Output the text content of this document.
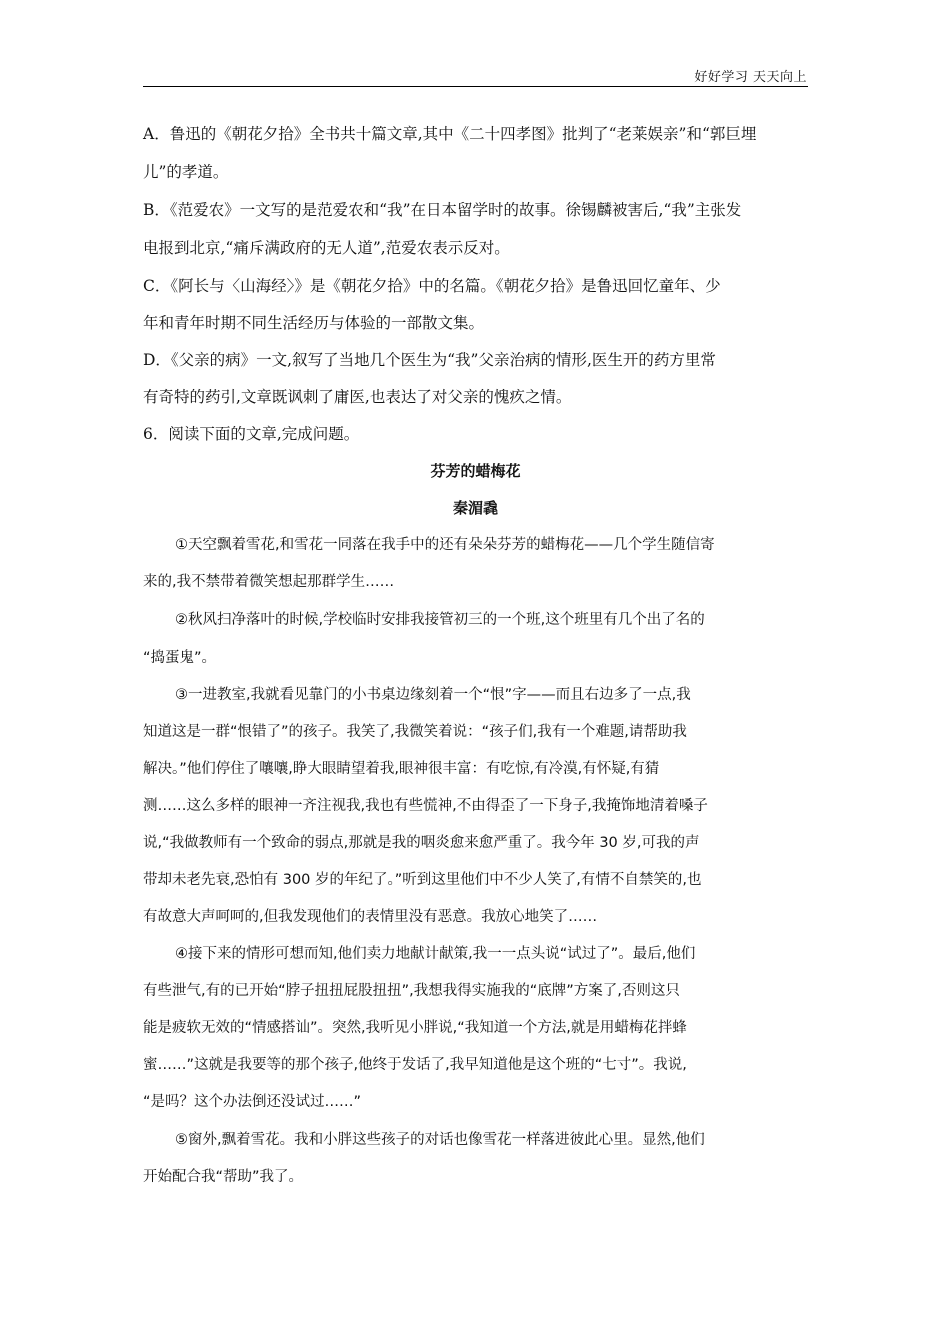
好好学习 天天向上
A．鲁迅的《朝花夕拾》全书共十篇文章,其中《二十四孝图》批判了“老莱娱亲”和“郭巨埋
儿”的孝道。
B．《范爱农》一文写的是范爱农和“我”在日本留学时的故事。徐锡麟被害后,“我”主张发
电报到北京,“痛斥满政府的无人道”,范爱农表示反对。
C．《阿长与〈山海经〉》是《朝花夕拾》中的名篇。《朝花夕拾》是鲁迅回忆童年、少
年和青年时期不同生活经历与体验的一部散文集。
D．《父亲的病》一文,叙写了当地几个医生为“我”父亲治病的情形,医生开的药方里常
有奇特的药引,文章既讽刺了庸医,也表达了对父亲的愧疚之情。
6．阅读下面的文章,完成问题。
芬芳的蜡梅花
秦湄毳
①天空飘着雪花,和雪花一同落在我手中的还有朵朵芬芳的蜡梅花——几个学生随信寄
来的,我不禁带着微笑想起那群学生……
②秋风扫净落叶的时候,学校临时安排我接管初三的一个班,这个班里有几个出了名的
“捣蛋鬼”。
③一进教室,我就看见靠门的小书桌边缘刻着一个“恨”字——而且右边多了一点,我
知道这是一群“恨错了”的孩子。我笑了,我微笑着说：“孩子们,我有一个难题,请帮助我
解决。”他们停住了嚷嚷,睁大眼睛望着我,眼神很丰富：有吃惊,有冷漠,有怀疑,有猜
测……这么多样的眼神一齐注视我,我也有些慌神,不由得歪了一下身子,我掩饰地清着嗓子
说,“我做教师有一个致命的弱点,那就是我的咽炎愈来愈严重了。我今年 30 岁,可我的声
带却未老先衰,恐怕有 300 岁的年纪了。”听到这里他们中不少人笑了,有情不自禁笑的,也
有故意大声呵呵的,但我发现他们的表情里没有恶意。我放心地笑了……
④接下来的情形可想而知,他们卖力地献计献策,我一一点头说“试过了”。最后,他们
有些泄气,有的已开始“脖子扭扭屁股扭扭”,我想我得实施我的“底牌”方案了,否则这只
能是疲软无效的“情感搭讪”。突然,我听见小胖说,“我知道一个方法,就是用蜡梅花拌蜂
蜜……”这就是我要等的那个孩子,他终于发话了,我早知道他是这个班的“七寸”。我说,
“是吗？这个办法倒还没试过……”
⑤窗外,飘着雪花。我和小胖这些孩子的对话也像雪花一样落进彼此心里。显然,他们
开始配合我“帮助”我了。
